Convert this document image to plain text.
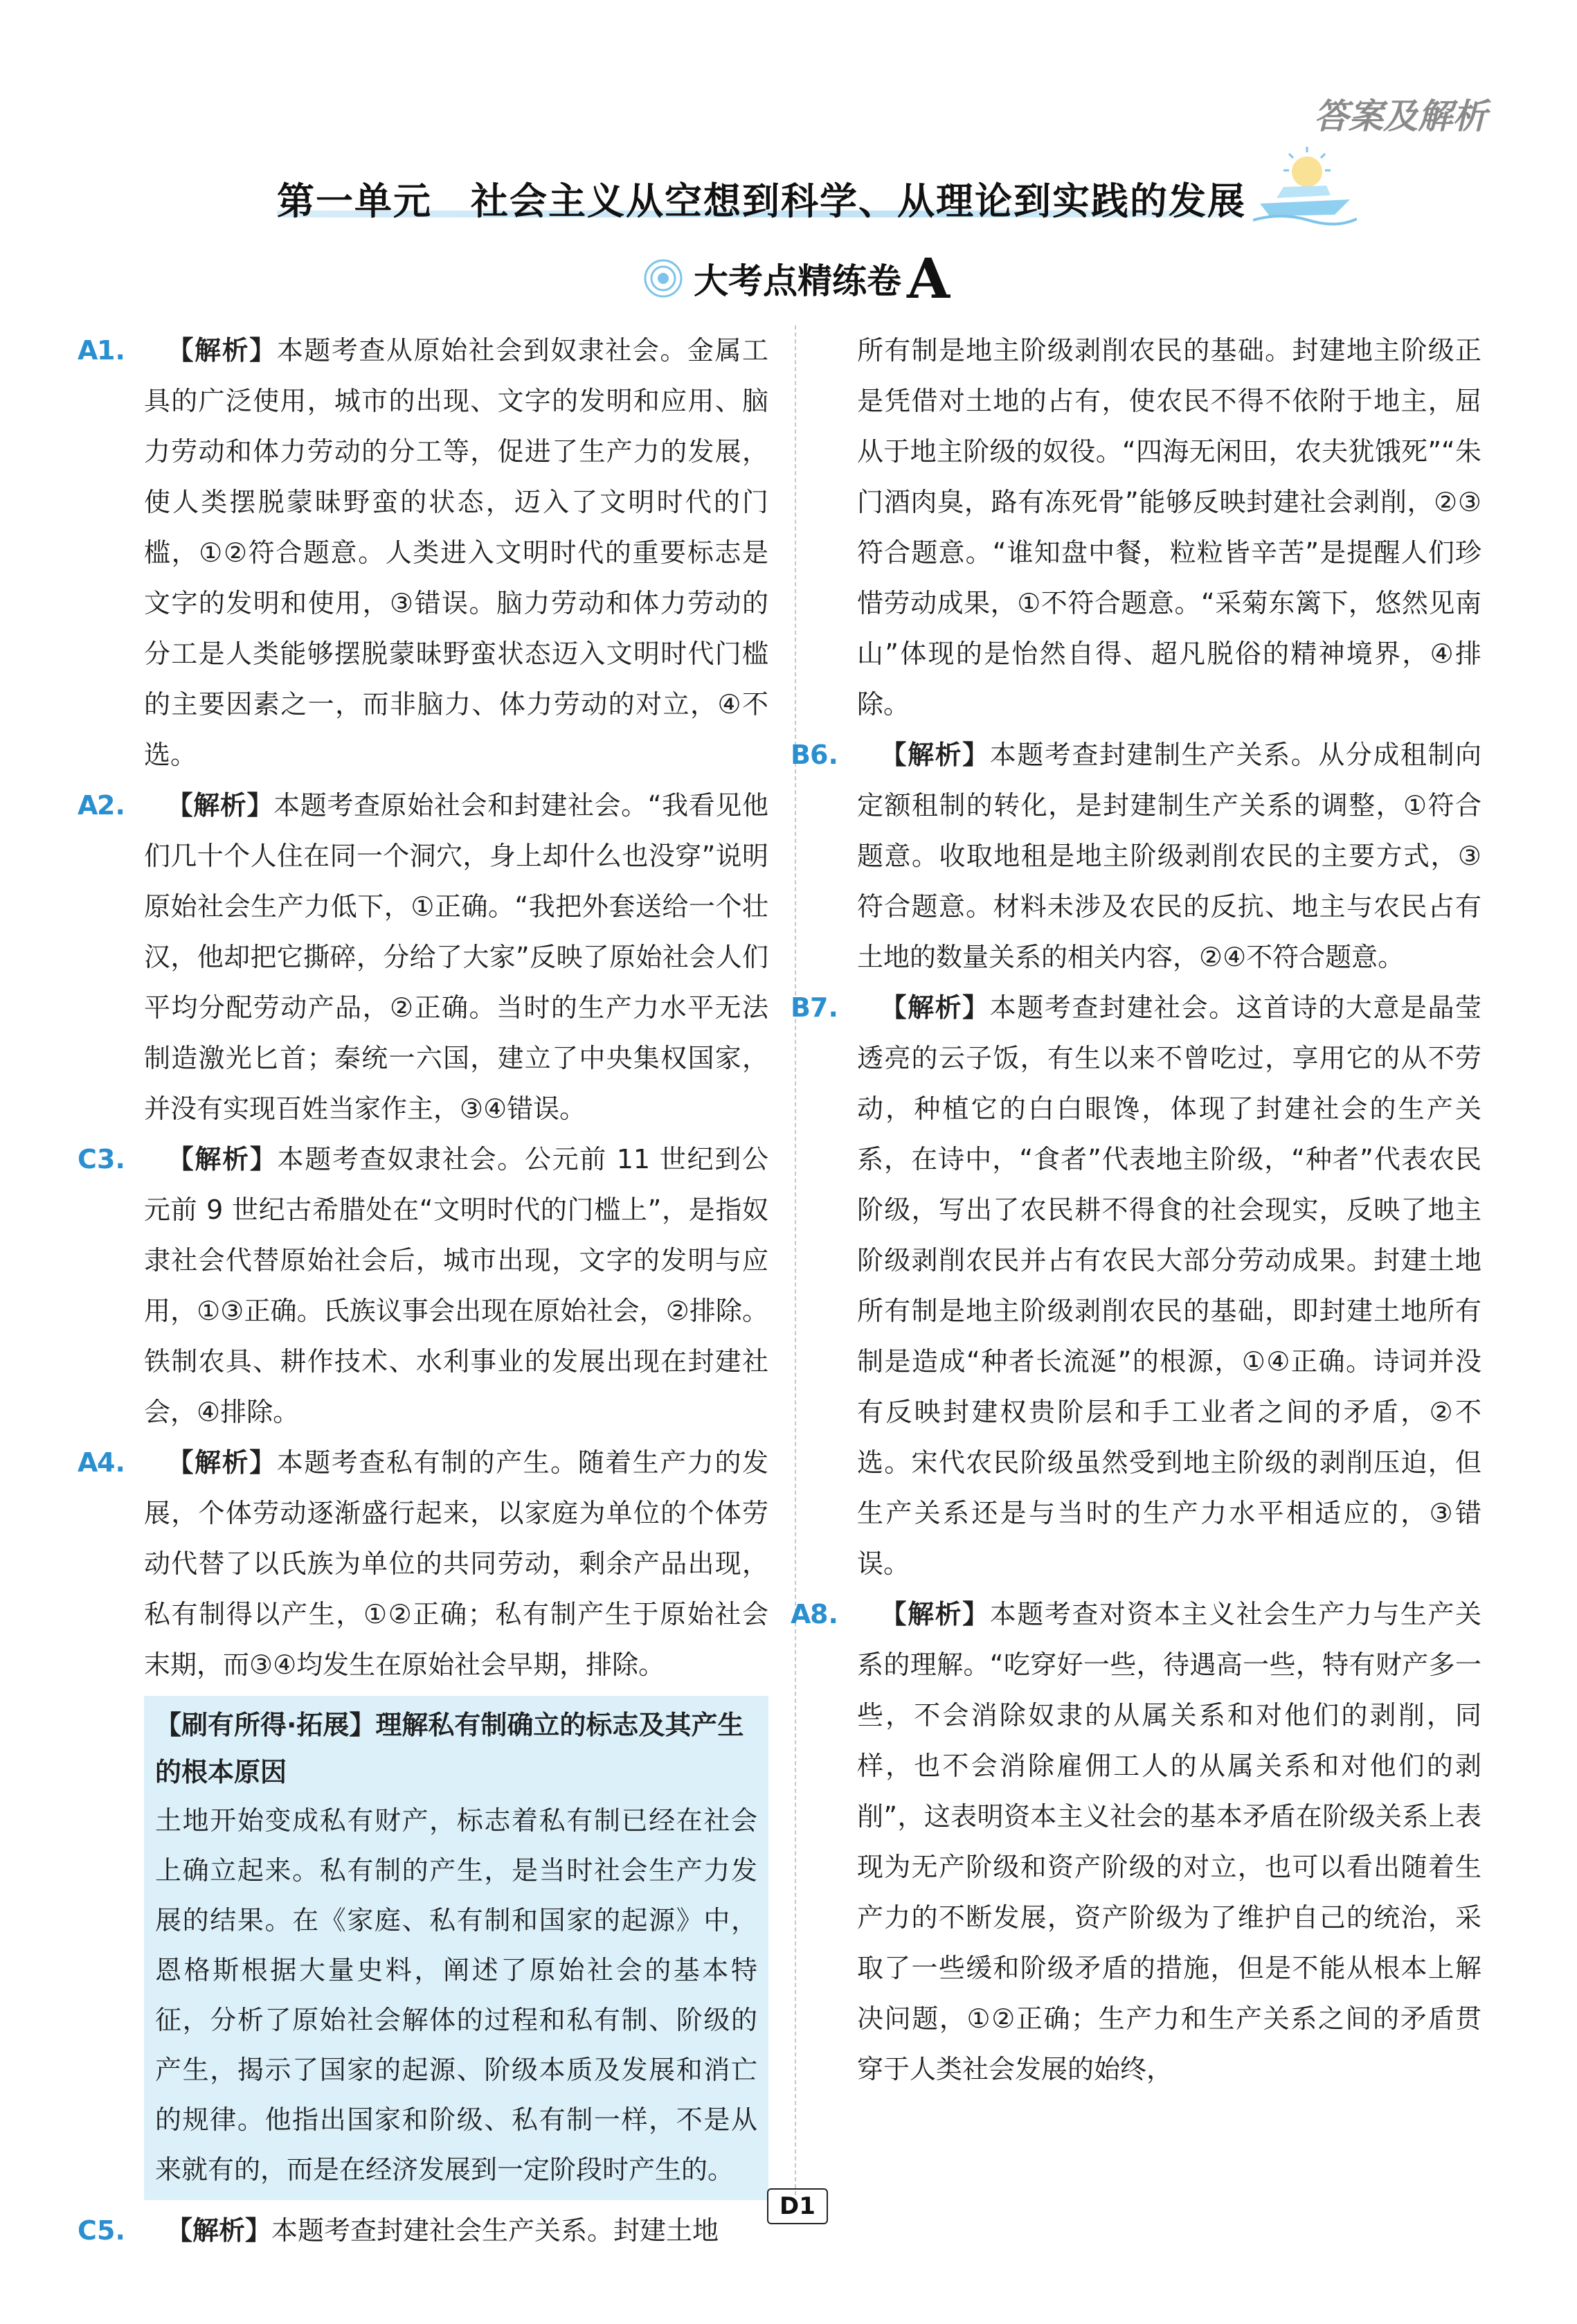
答案及解析
第一单元　社会主义从空想到科学、从理论到实践的发展
大考点精练卷 A

1.A	【解析】本题考查从原始社会到奴隶社会。金属工具的广泛使用，城市的出现、文字的发明和应用、脑力劳动和体力劳动的分工等，促进了生产力的发展，使人类摆脱蒙昧野蛮的状态，迈入了文明时代的门槛，①②符合题意。人类进入文明时代的重要标志是文字的发明和使用，③错误。脑力劳动和体力劳动的分工是人类能够摆脱蒙昧野蛮状态迈入文明时代门槛的主要因素之一，而非脑力、体力劳动的对立，④不选。

2.A	【解析】本题考查原始社会和封建社会。“我看见他们几十个人住在同一个洞穴，身上却什么也没穿”说明原始社会生产力低下，①正确。“我把外套送给一个壮汉，他却把它撕碎，分给了大家”反映了原始社会人们平均分配劳动产品，②正确。当时的生产力水平无法制造激光匕首；秦统一六国，建立了中央集权国家，并没有实现百姓当家作主，③④错误。

3.C	【解析】本题考查奴隶社会。公元前 11 世纪到公元前 9 世纪古希腊处在“文明时代的门槛上”，是指奴隶社会代替原始社会后，城市出现，文字的发明与应用，①③正确。氏族议事会出现在原始社会，②排除。铁制农具、耕作技术、水利事业的发展出现在封建社会，④排除。

4.A	【解析】本题考查私有制的产生。随着生产力的发展，个体劳动逐渐盛行起来，以家庭为单位的个体劳动代替了以氏族为单位的共同劳动，剩余产品出现，私有制得以产生，①②正确；私有制产生于原始社会末期，而③④均发生在原始社会早期，排除。

【刷有所得·拓展】理解私有制确立的标志及其产生的根本原因

土地开始变成私有财产，标志着私有制已经在社会上确立起来。私有制的产生，是当时社会生产力发展的结果。在《家庭、私有制和国家的起源》中，恩格斯根据大量史料，阐述了原始社会的基本特征，分析了原始社会解体的过程和私有制、阶级的产生，揭示了国家的起源、阶级本质及发展和消亡的规律。他指出国家和阶级、私有制一样，不是从来就有的，而是在经济发展到一定阶段时产生的。

5.C	【解析】本题考查封建社会生产关系。封建土地

所有制是地主阶级剥削农民的基础。封建地主阶级正是凭借对土地的占有，使农民不得不依附于地主，屈从于地主阶级的奴役。“四海无闲田，农夫犹饿死”“朱门酒肉臭，路有冻死骨”能够反映封建社会剥削，②③符合题意。“谁知盘中餐，粒粒皆辛苦”是提醒人们珍惜劳动成果，①不符合题意。“采菊东篱下，悠然见南山”体现的是怡然自得、超凡脱俗的精神境界，④排除。

6.B	【解析】本题考查封建制生产关系。从分成租制向定额租制的转化，是封建制生产关系的调整，①符合题意。收取地租是地主阶级剥削农民的主要方式，③符合题意。材料未涉及农民的反抗、地主与农民占有土地的数量关系的相关内容，②④不符合题意。

7.B	【解析】本题考查封建社会。这首诗的大意是晶莹透亮的云子饭，有生以来不曾吃过，享用它的从不劳动，种植它的白白眼馋，体现了封建社会的生产关系，在诗中，“食者”代表地主阶级，“种者”代表农民阶级，写出了农民耕不得食的社会现实，反映了地主阶级剥削农民并占有农民大部分劳动成果。封建土地所有制是地主阶级剥削农民的基础，即封建土地所有制是造成“种者长流涎”的根源，①④正确。诗词并没有反映封建权贵阶层和手工业者之间的矛盾，②不选。宋代农民阶级虽然受到地主阶级的剥削压迫，但生产关系还是与当时的生产力水平相适应的，③错误。

8.A	【解析】本题考查对资本主义社会生产力与生产关系的理解。“吃穿好一些，待遇高一些，特有财产多一些，不会消除奴隶的从属关系和对他们的剥削，同样，也不会消除雇佣工人的从属关系和对他们的剥削”，这表明资本主义社会的基本矛盾在阶级关系上表现为无产阶级和资产阶级的对立，也可以看出随着生产力的不断发展，资产阶级为了维护自己的统治，采取了一些缓和阶级矛盾的措施，但是不能从根本上解决问题，①②正确；生产力和生产关系之间的矛盾贯穿于人类社会发展的始终，

D1
